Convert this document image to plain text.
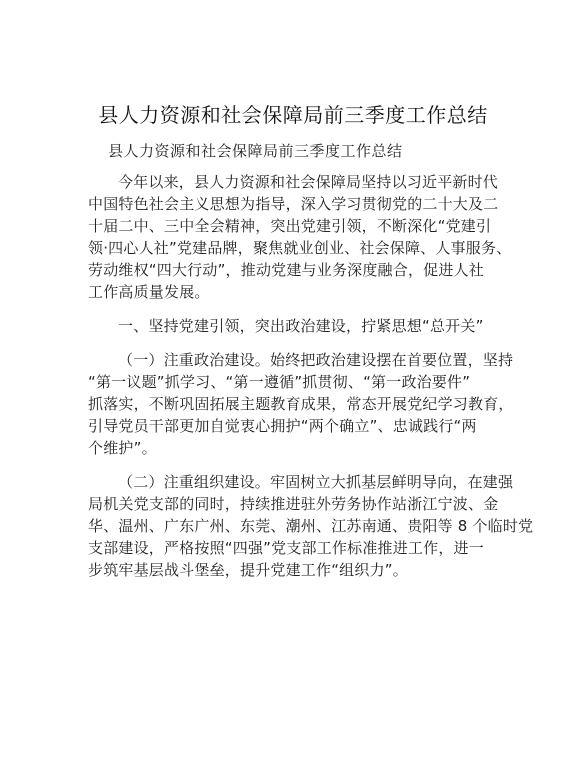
县人力资源和社会保障局前三季度工作总结
县人力资源和社会保障局前三季度工作总结
今年以来，县人力资源和社会保障局坚持以习近平新时代
中国特色社会主义思想为指导，深入学习贯彻党的二十大及二
十届二中、三中全会精神，突出党建引领，不断深化“党建引
领·四心人社”党建品牌，聚焦就业创业、社会保障、人事服务、
劳动维权“四大行动”，推动党建与业务深度融合，促进人社
工作高质量发展。
一、坚持党建引领，突出政治建设，拧紧思想“总开关”
（一）注重政治建设。始终把政治建设摆在首要位置，坚持
“第一议题”抓学习、“第一遵循”抓贯彻、“第一政治要件”
抓落实，不断巩固拓展主题教育成果，常态开展党纪学习教育，
引导党员干部更加自觉衷心拥护“两个确立”、忠诚践行“两
个维护”。
（二）注重组织建设。牢固树立大抓基层鲜明导向，在建强
局机关党支部的同时，持续推进驻外劳务协作站浙江宁波、金
华、温州、广东广州、东莞、潮州、江苏南通、贵阳等 8 个临时党
支部建设，严格按照“四强”党支部工作标准推进工作，进一
步筑牢基层战斗堡垒，提升党建工作“组织力”。
